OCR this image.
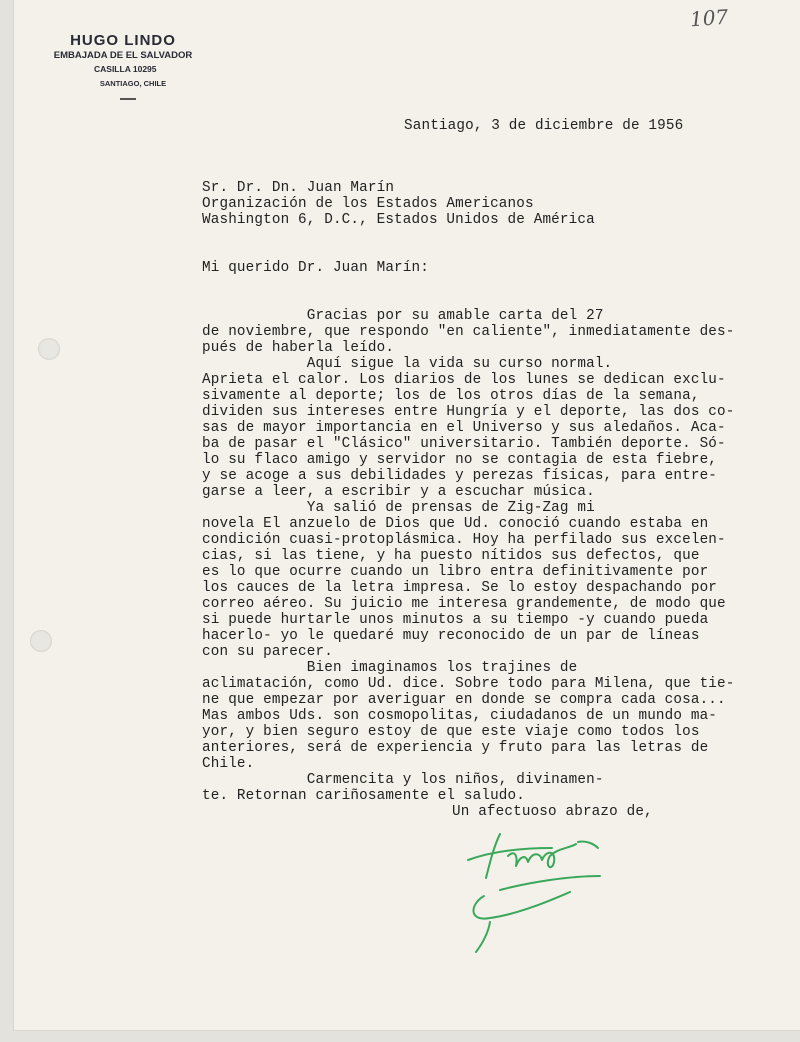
HUGO LINDO
EMBAJADA DE EL SALVADOR
CASILLA 10295
SANTIAGO, CHILE
107
Santiago, 3 de diciembre de 1956
Sr. Dr. Dn. Juan Marín
Organización de los Estados Americanos
Washington 6, D.C., Estados Unidos de América
Mi querido Dr. Juan Marín:
Gracias por su amable carta del 27
de noviembre, que respondo "en caliente", inmediatamente des-
pués de haberla leído.
Aquí sigue la vida su curso normal.
Aprieta el calor. Los diarios de los lunes se dedican exclu-
sivamente al deporte; los de los otros días de la semana,
dividen sus intereses entre Hungría y el deporte, las dos co-
sas de mayor importancia en el Universo y sus aledaños. Aca-
ba de pasar el "Clásico" universitario. También deporte. Só-
lo su flaco amigo y servidor no se contagia de esta fiebre,
y se acoge a sus debilidades y perezas físicas, para entre-
garse a leer, a escribir y a escuchar música.
Ya salió de prensas de Zig-Zag mi
novela El anzuelo de Dios que Ud. conoció cuando estaba en
condición cuasi-protoplásmica. Hoy ha perfilado sus excelen-
cias, si las tiene, y ha puesto nítidos sus defectos, que
es lo que ocurre cuando un libro entra definitivamente por
los cauces de la letra impresa. Se lo estoy despachando por
correo aéreo. Su juicio me interesa grandemente, de modo que
si puede hurtarle unos minutos a su tiempo -y cuando pueda
hacerlo- yo le quedaré muy reconocido de un par de líneas
con su parecer.
Bien imaginamos los trajines de
aclimatación, como Ud. dice. Sobre todo para Milena, que tie-
ne que empezar por averiguar en donde se compra cada cosa...
Mas ambos Uds. son cosmopolitas, ciudadanos de un mundo ma-
yor, y bien seguro estoy de que este viaje como todos los
anteriores, será de experiencia y fruto para las letras de
Chile.
Carmencita y los niños, divinamen-
te. Retornan cariñosamente el saludo.
Un afectuoso abrazo de,
